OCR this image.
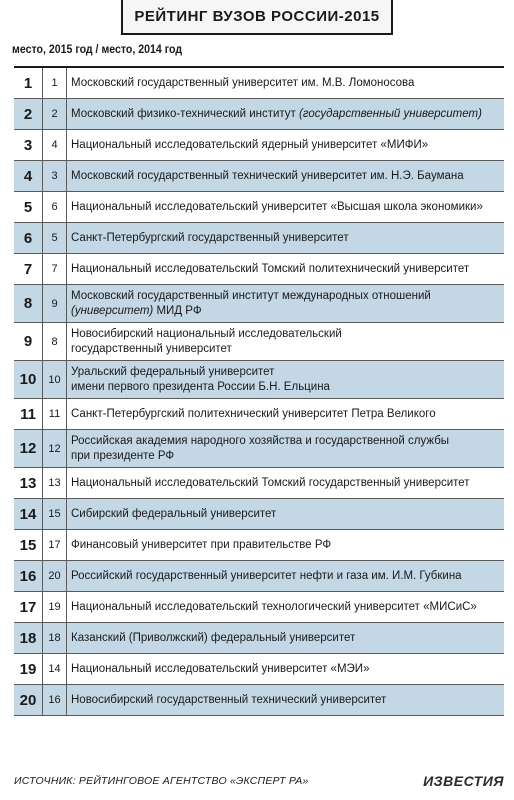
РЕЙТИНГ ВУЗОВ РОССИИ-2015
место, 2015 год / место, 2014 год
1	1	Московский государственный университет им. М.В. Ломоносова
2	2	Московский физико-технический институт (государственный университет)
3	4	Национальный исследовательский ядерный университет «МИФИ»
4	3	Московский государственный технический университет им. Н.Э. Баумана
5	6	Национальный исследовательский университет «Высшая школа экономики»
6	5	Санкт-Петербургский государственный университет
7	7	Национальный исследовательский Томский политехнический университет
8	9
Московский государственный институт международных отношений
(университет) МИД РФ
9	8
Новосибирский национальный исследовательский
государственный университет
10	10
Уральский федеральный университет
имени первого президента России Б.Н. Ельцина
11	11 Санкт-Петербургский политехнический университет Петра Великого
12	12
Российская академия народного хозяйства и государственной службы
при президенте РФ
13	13 Национальный исследовательский Томский государственный университет
14	15 Сибирский федеральный университет
15	17 Финансовый университет при правительстве РФ
16	20 Российский государственный университет нефти и газа им. И.М. Губкина
17	19 Национальный исследовательский технологический университет «МИСиС»
18	18 Казанский (Приволжский) федеральный университет
19	14 Национальный исследовательский университет «МЭИ»
20	16 Новосибирский государственный технический университет
ИСТОЧНИК: РЕЙТИНГОВОЕ АГЕНТСТВО «ЭКСПЕРТ РА»	ИЗВЕСТИЯ
